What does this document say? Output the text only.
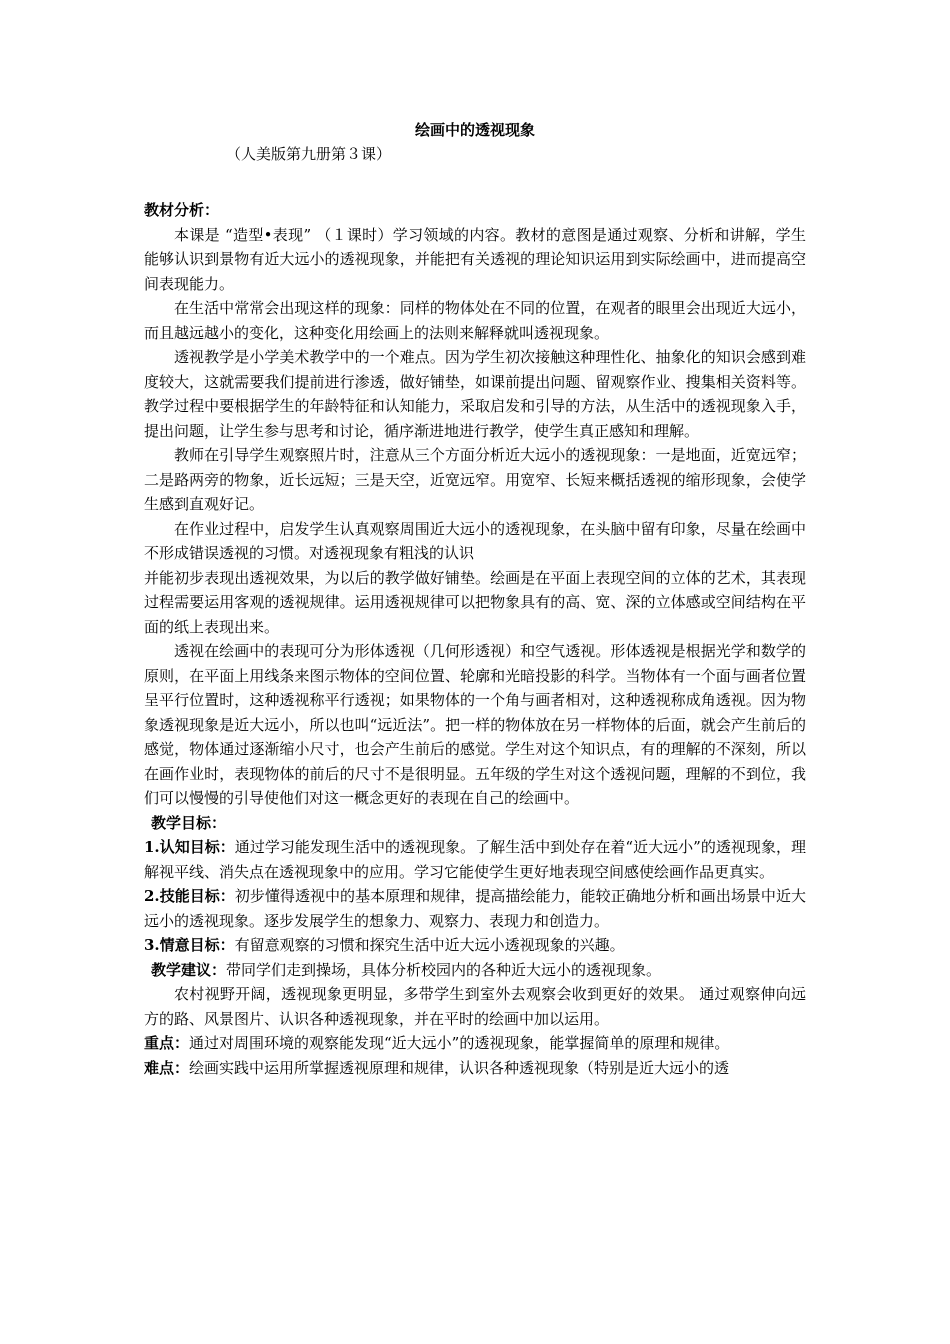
绘画中的透视现象
（人美版第九册第３课）

教材分析：

本课是 “造型•表现” （１课时）学习领域的内容。教材的意图是通过观察、分析和讲解，学生能够认识到景物有近大远小的透视现象，并能把有关透视的理论知识运用到实际绘画中，进而提高空间表现能力。

在生活中常常会出现这样的现象：同样的物体处在不同的位置，在观者的眼里会出现近大远小，而且越远越小的变化，这种变化用绘画上的法则来解释就叫透视现象。

透视教学是小学美术教学中的一个难点。因为学生初次接触这种理性化、抽象化的知识会感到难度较大，这就需要我们提前进行渗透，做好铺垫，如课前提出问题、留观察作业、搜集相关资料等。教学过程中要根据学生的年龄特征和认知能力，采取启发和引导的方法，从生活中的透视现象入手，提出问题，让学生参与思考和讨论，循序渐进地进行教学，使学生真正感知和理解。

教师在引导学生观察照片时，注意从三个方面分析近大远小的透视现象：一是地面，近宽远窄；二是路两旁的物象，近长远短；三是天空，近宽远窄。用宽窄、长短来概括透视的缩形现象，会使学生感到直观好记。

在作业过程中，启发学生认真观察周围近大远小的透视现象，在头脑中留有印象，尽量在绘画中不形成错误透视的习惯。对透视现象有粗浅的认识

并能初步表现出透视效果，为以后的教学做好铺垫。绘画是在平面上表现空间的立体的艺术，其表现过程需要运用客观的透视规律。运用透视规律可以把物象具有的高、宽、深的立体感或空间结构在平面的纸上表现出来。

透视在绘画中的表现可分为形体透视（几何形透视）和空气透视。形体透视是根据光学和数学的原则，在平面上用线条来图示物体的空间位置、轮廓和光暗投影的科学。当物体有一个面与画者位置呈平行位置时，这种透视称平行透视；如果物体的一个角与画者相对，这种透视称成角透视。因为物象透视现象是近大远小，所以也叫“远近法”。把一样的物体放在另一样物体的后面，就会产生前后的感觉，物体通过逐渐缩小尺寸，也会产生前后的感觉。学生对这个知识点，有的理解的不深刻，所以在画作业时，表现物体的前后的尺寸不是很明显。五年级的学生对这个透视问题，理解的不到位，我们可以慢慢的引导使他们对这一概念更好的表现在自己的绘画中。

教学目标：

1.认知目标：通过学习能发现生活中的透视现象。了解生活中到处存在着“近大远小”的透视现象，理解视平线、消失点在透视现象中的应用。学习它能使学生更好地表现空间感使绘画作品更真实。

2.技能目标：初步懂得透视中的基本原理和规律，提高描绘能力，能较正确地分析和画出场景中近大远小的透视现象。逐步发展学生的想象力、观察力、表现力和创造力。

3.情意目标：有留意观察的习惯和探究生活中近大远小透视现象的兴趣。

教学建议：带同学们走到操场，具体分析校园内的各种近大远小的透视现象。

农村视野开阔，透视现象更明显，多带学生到室外去观察会收到更好的效果。 通过观察伸向远方的路、风景图片、认识各种透视现象，并在平时的绘画中加以运用。

重点：通过对周围环境的观察能发现“近大远小”的透视现象，能掌握简单的原理和规律。

难点：绘画实践中运用所掌握透视原理和规律，认识各种透视现象（特别是近大远小的透
